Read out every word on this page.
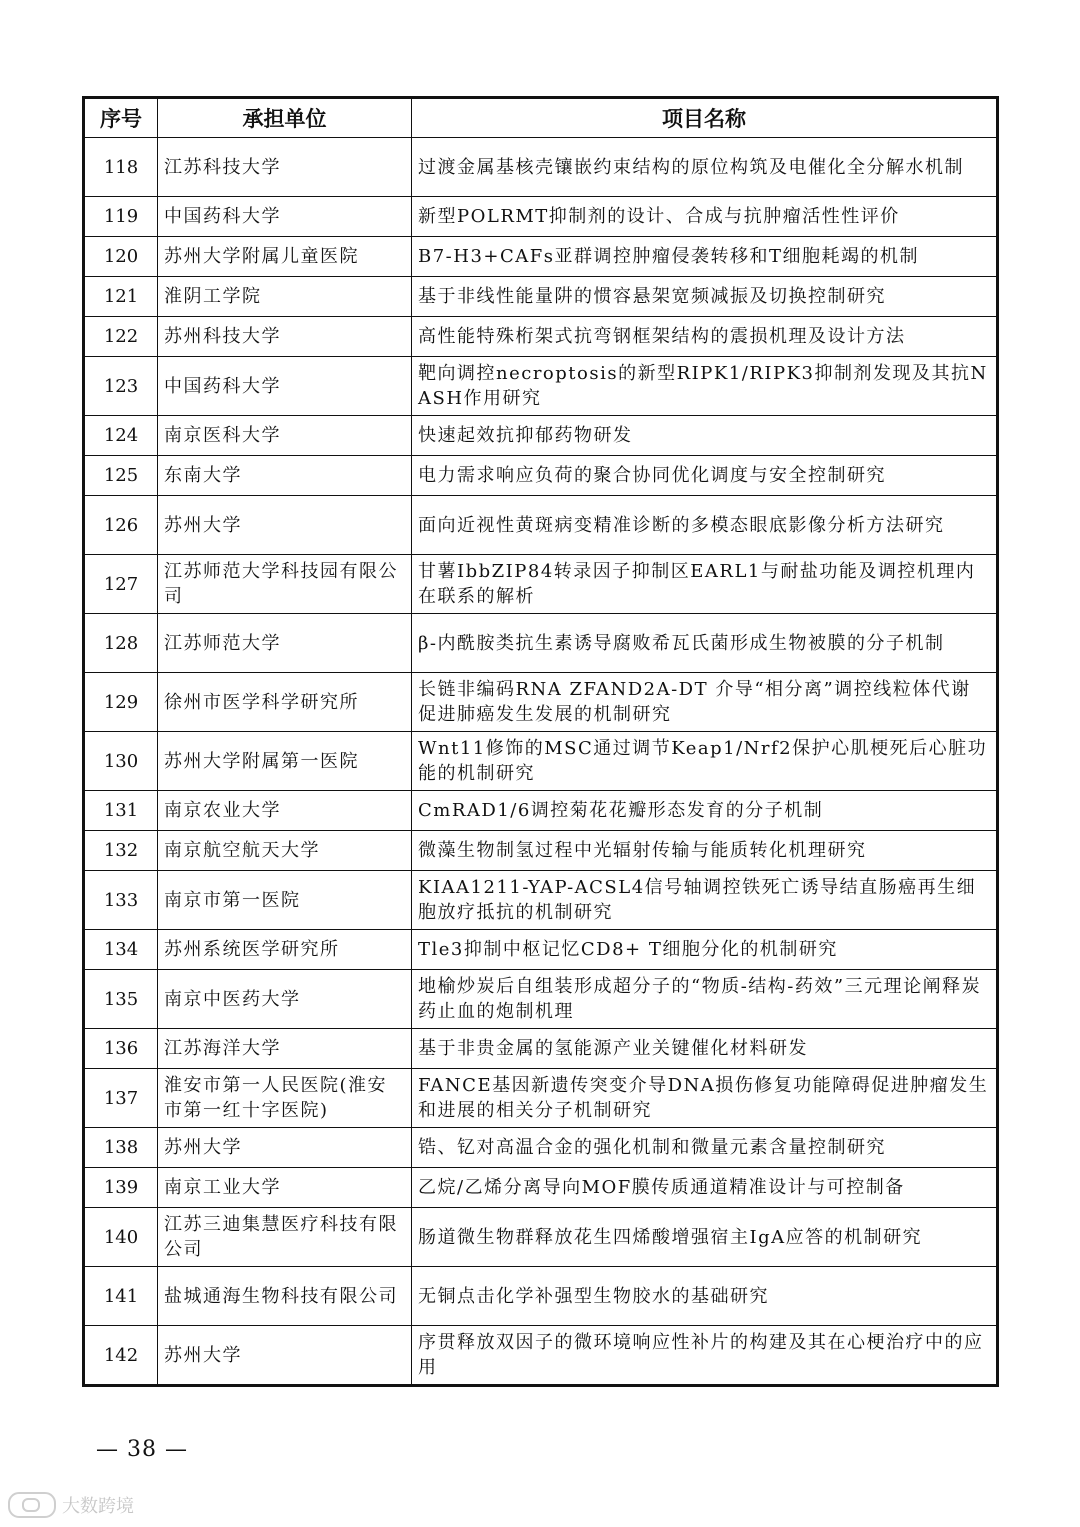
序号	承担单位	项目名称
118	江苏科技大学	过渡金属基核壳镶嵌约束结构的原位构筑及电催化全分解水机制
119	中国药科大学	新型POLRMT抑制剂的设计、合成与抗肿瘤活性性评价
120	苏州大学附属儿童医院	B7-H3+CAFs亚群调控肿瘤侵袭转移和T细胞耗竭的机制
121	淮阴工学院	基于非线性能量阱的惯容悬架宽频减振及切换控制研究
122	苏州科技大学	高性能特殊桁架式抗弯钢框架结构的震损机理及设计方法
123	中国药科大学	靶向调控necroptosis的新型RIPK1/RIPK3抑制剂发现及其抗NASH作用研究
124	南京医科大学	快速起效抗抑郁药物研发
125	东南大学	电力需求响应负荷的聚合协同优化调度与安全控制研究
126	苏州大学	面向近视性黄斑病变精准诊断的多模态眼底影像分析方法研究
127	江苏师范大学科技园有限公司	甘薯IbbZIP84转录因子抑制区EARL1与耐盐功能及调控机理内在联系的解析
128	江苏师范大学	β-内酰胺类抗生素诱导腐败希瓦氏菌形成生物被膜的分子机制
129	徐州市医学科学研究所	长链非编码RNA ZFAND2A-DT 介导“相分离”调控线粒体代谢促进肺癌发生发展的机制研究
130	苏州大学附属第一医院	Wnt11修饰的MSC通过调节Keap1/Nrf2保护心肌梗死后心脏功能的机制研究
131	南京农业大学	CmRAD1/6调控菊花花瓣形态发育的分子机制
132	南京航空航天大学	微藻生物制氢过程中光辐射传输与能质转化机理研究
133	南京市第一医院	KIAA1211-YAP-ACSL4信号轴调控铁死亡诱导结直肠癌再生细胞放疗抵抗的机制研究
134	苏州系统医学研究所	Tle3抑制中枢记忆CD8+ T细胞分化的机制研究
135	南京中医药大学	地榆炒炭后自组装形成超分子的“物质-结构-药效”三元理论阐释炭药止血的炮制机理
136	江苏海洋大学	基于非贵金属的氢能源产业关键催化材料研发
137	淮安市第一人民医院(淮安市第一红十字医院)	FANCE基因新遗传突变介导DNA损伤修复功能障碍促进肿瘤发生和进展的相关分子机制研究
138	苏州大学	锆、钇对高温合金的强化机制和微量元素含量控制研究
139	南京工业大学	乙烷/乙烯分离导向MOF膜传质通道精准设计与可控制备
140	江苏三迪集慧医疗科技有限公司	肠道微生物群释放花生四烯酸增强宿主IgA应答的机制研究
141	盐城通海生物科技有限公司	无铜点击化学补强型生物胶水的基础研究
142	苏州大学	序贯释放双因子的微环境响应性补片的构建及其在心梗治疗中的应用
— 38 —
大数跨境
